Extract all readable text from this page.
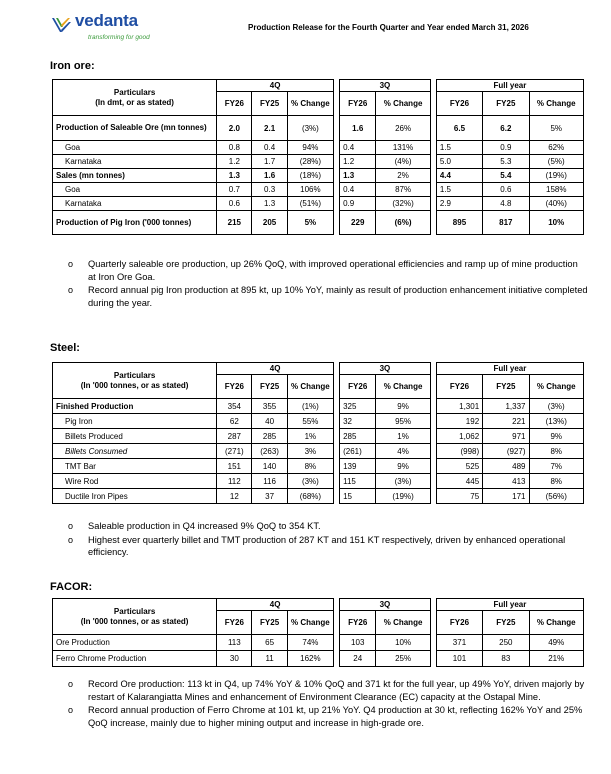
vedanta
transforming for good
Production Release for the Fourth Quarter and Year ended March 31, 2026
Iron ore:
Particulars
(In dmt, or as stated)	4Q				3Q			Full year		
	FY26	FY25	% Change		FY26	% Change		FY26	FY25	% Change
Production of Saleable Ore (mn tonnes)	2.0	2.1	(3%)		1.6	26%		6.5	6.2	5%
Goa	0.8	0.4	94%		0.4	131%		1.5	0.9	62%
Karnataka	1.2	1.7	(28%)		1.2	(4%)		5.0	5.3	(5%)
Sales (mn tonnes)	1.3	1.6	(18%)		1.3	2%		4.4	5.4	(19%)
Goa	0.7	0.3	106%		0.4	87%		1.5	0.6	158%
Karnataka	0.6	1.3	(51%)		0.9	(32%)		2.9	4.8	(40%)
Production of Pig Iron ('000 tonnes)	215	205	5%		229	(6%)		895	817	10%
o Quarterly saleable ore production, up 26% QoQ, with improved operational efficiencies and ramp up of mine production at Iron Ore Goa.
o Record annual pig Iron production at 895 kt, up 10% YoY, mainly as result of production enhancement initiative completed during the year.
Steel:
Particulars
(In '000 tonnes, or as stated)	4Q				3Q			Full year		
	FY26	FY25	% Change		FY26	% Change		FY26	FY25	% Change
Finished Production	354	355	(1%)		325	9%		1,301	1,337	(3%)
Pig Iron	62	40	55%		32	95%		192	221	(13%)
Billets Produced	287	285	1%		285	1%		1,062	971	9%
Billets Consumed	(271)	(263)	3%		(261)	4%		(998)	(927)	8%
TMT Bar	151	140	8%		139	9%		525	489	7%
Wire Rod	112	116	(3%)		115	(3%)		445	413	8%
Ductile Iron Pipes	12	37	(68%)		15	(19%)		75	171	(56%)
o Saleable production in Q4 increased 9% QoQ to 354 KT.
o Highest ever quarterly billet and TMT production of 287 KT and 151 KT respectively, driven by enhanced operational efficiency.
FACOR:
Particulars
(In '000 tonnes, or as stated)	4Q				3Q			Full year		
	FY26	FY25	% Change		FY26	% Change		FY26	FY25	% Change
Ore Production	113	65	74%		103	10%		371	250	49%
Ferro Chrome Production	30	11	162%		24	25%		101	83	21%
o Record Ore production: 113 kt in Q4, up 74% YoY & 10% QoQ and 371 kt for the full year, up 49% YoY, driven majorly by restart of Kalarangiatta Mines and enhancement of Environment Clearance (EC) capacity at the Ostapal Mine.
o Record annual production of Ferro Chrome at 101 kt, up 21% YoY. Q4 production at 30 kt, reflecting 162% YoY and 25% QoQ increase, mainly due to higher mining output and increase in high-grade ore.
